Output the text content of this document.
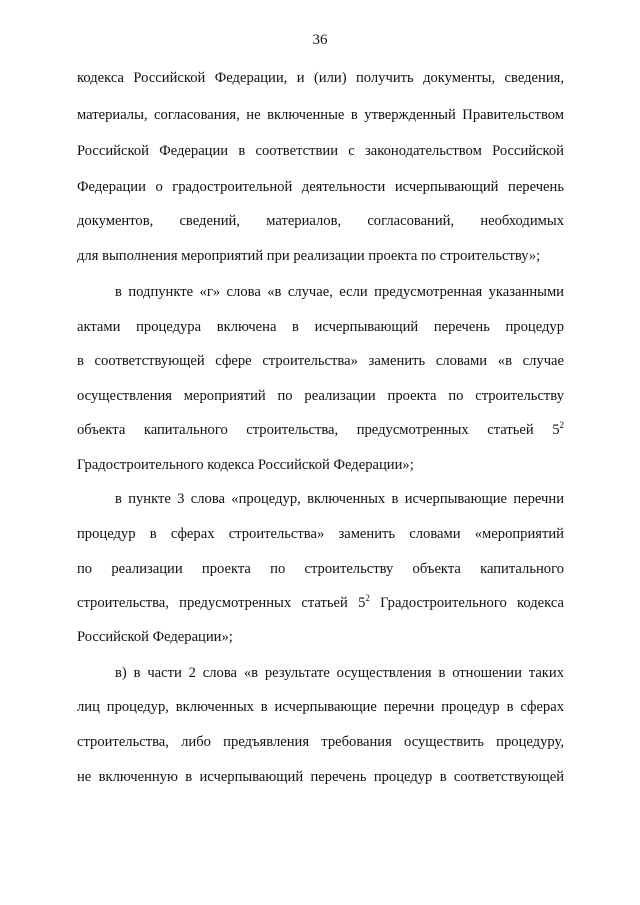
36
кодекса Российской Федерации, и (или) получить документы, сведения,
материалы, согласования, не включенные в утвержденный Правительством
Российской Федерации в соответствии с законодательством Российской
Федерации о градостроительной деятельности исчерпывающий перечень
документов, сведений, материалов, согласований, необходимых
для выполнения мероприятий при реализации проекта по строительству»;
в подпункте «г» слова «в случае, если предусмотренная указанными
актами процедура включена в исчерпывающий перечень процедур
в соответствующей сфере строительства» заменить словами «в случае
осуществления мероприятий по реализации проекта по строительству
объекта капитального строительства, предусмотренных статьей $5^2$
Градостроительного кодекса Российской Федерации»;
в пункте 3 слова «процедур, включенных в исчерпывающие перечни
процедур в сферах строительства» заменить словами «мероприятий
по реализации проекта по строительству объекта капитального
строительства, предусмотренных статьей $5^2$ Градостроительного кодекса
Российской Федерации»;
в) в части 2 слова «в результате осуществления в отношении таких
лиц процедур, включенных в исчерпывающие перечни процедур в сферах
строительства, либо предъявления требования осуществить процедуру,
не включенную в исчерпывающий перечень процедур в соответствующей
